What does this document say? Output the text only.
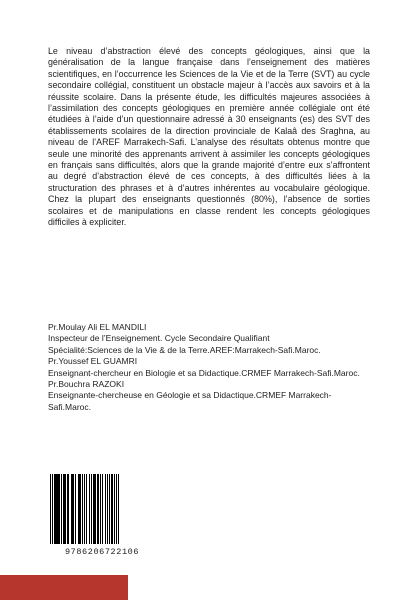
Le niveau d’abstraction élevé des concepts géologiques, ainsi que la généralisation de la langue française dans l’enseignement des matières scientifiques, en l’occurrence les Sciences de la Vie et de la Terre (SVT) au cycle secondaire collégial, constituent un obstacle majeur à l’accès aux savoirs et à la réussite scolaire. Dans la présente étude, les difficultés majeures associées à l’assimilation des concepts géologiques en première année collégiale ont été étudiées à l’aide d’un questionnaire adressé à 30 enseignants (es) des SVT des établissements scolaires de la direction provinciale de Kalaâ des Sraghna, au niveau de l’AREF Marrakech-Safi. L’analyse des résultats obtenus montre que seule une minorité des apprenants arrivent à assimiler les concepts géologiques en français sans difficultés, alors que la grande majorité d’entre eux s’affrontent au degré d’abstraction élevé de ces concepts, à des difficultés liées à la structuration des phrases et à d’autres inhérentes au vocabulaire géologique. Chez la plupart des enseignants questionnés (80%), l’absence de sorties scolaires et de manipulations en classe rendent les concepts géologiques difficiles à expliciter.

Pr.Moulay Ali EL MANDILI
Inspecteur de l’Enseignement. Cycle Secondaire Qualifiant
Spécialité:Sciences de la Vie & de la Terre.AREF:Marrakech-Safi.Maroc.
Pr.Youssef EL GUAMRI
Enseignant-chercheur en Biologie et sa Didactique.CRMEF Marrakech-Safi.Maroc.
Pr.Bouchra RAZOKI
Enseignante-chercheuse en Géologie et sa Didactique.CRMEF Marrakech-Safi.Maroc.
9786206722106
